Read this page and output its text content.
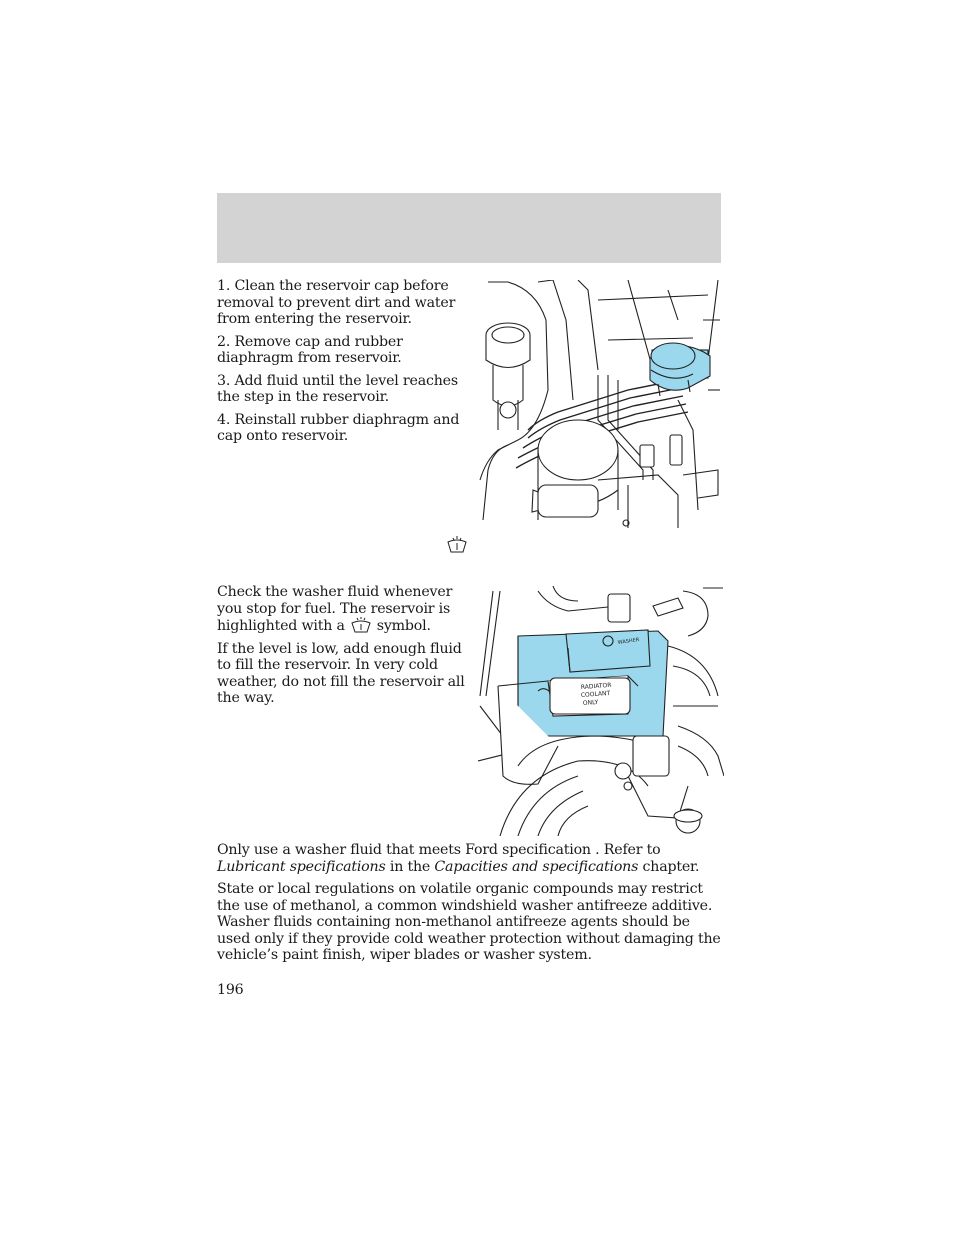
1. Clean the reservoir cap before removal to prevent dirt and water from entering the reservoir.

2. Remove cap and rubber diaphragm from reservoir.

3. Add fluid until the level reaches the step in the reservoir.

4. Reinstall rubber diaphragm and cap onto reservoir.

Check the washer fluid whenever you stop for fuel. The reservoir is highlighted with a symbol.

If the level is low, add enough fluid to fill the reservoir. In very cold weather, do not fill the reservoir all the way.

WASHER
RADIATOR
COOLANT
ONLY

Only use a washer fluid that meets Ford specification . Refer to Lubricant specifications in the Capacities and specifications chapter.

State or local regulations on volatile organic compounds may restrict the use of methanol, a common windshield washer antifreeze additive. Washer fluids containing non-methanol antifreeze agents should be used only if they provide cold weather protection without damaging the vehicle’s paint finish, wiper blades or washer system.

196
